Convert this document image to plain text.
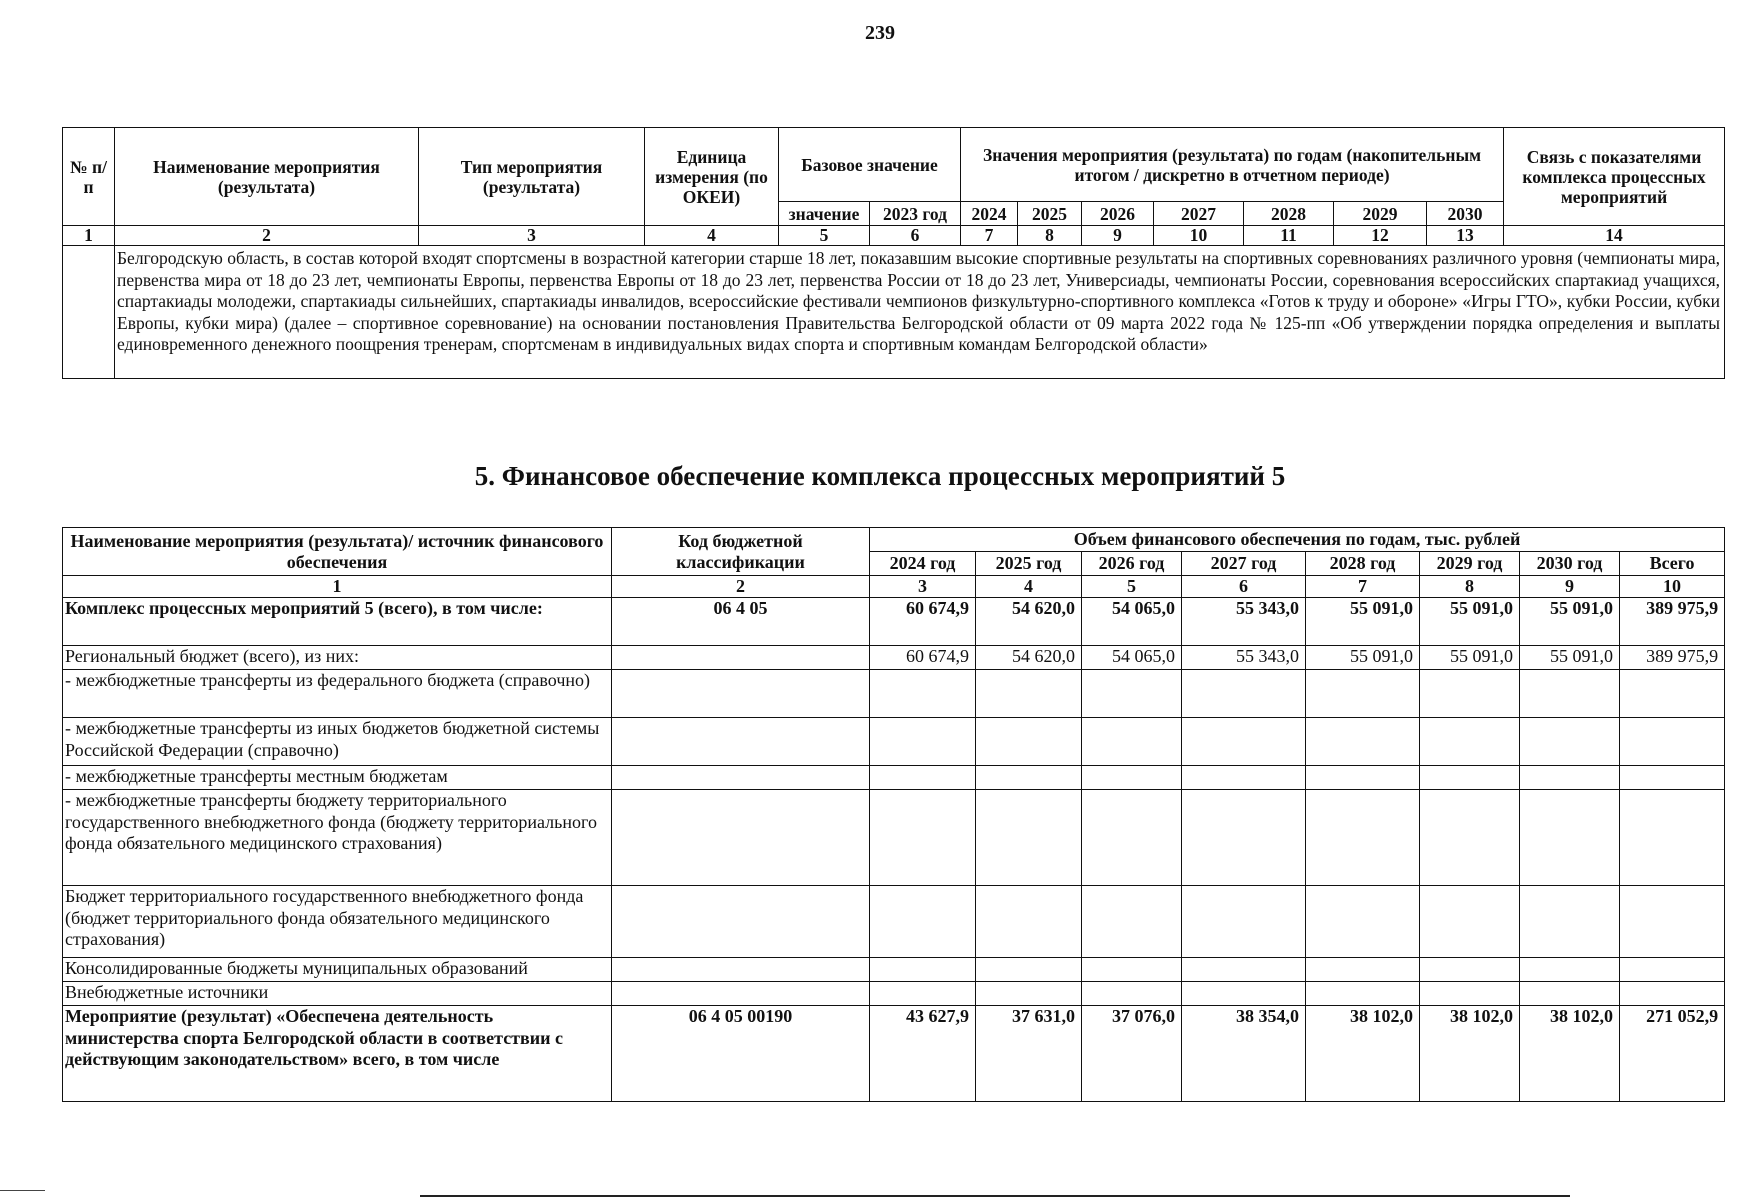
239
№ п/п	Наименование мероприятия (результата)	Тип мероприятия (результата)	Единица измерения (по ОКЕИ)	Базовое значение		Значения мероприятия (результата) по годам (накопительным итогом / дискретно в отчетном периоде)							Связь с показателями комплекса процессных мероприятий
				значение	2023 год	2024	2025	2026	2027	2028	2029	2030	
1	2	3	4	5	6	7	8	9	10	11	12	13	14
	Белгородскую область, в состав которой входят спортсмены в возрастной категории старше 18 лет, показавшим высокие спортивные результаты на спортивных соревнованиях различного уровня (чемпионаты мира, первенства мира от 18 до 23 лет, чемпионаты Европы, первенства Европы от 18 до 23 лет, первенства России от 18 до 23 лет, Универсиады, чемпионаты России, соревнования всероссийских спартакиад учащихся, спартакиады молодежи, спартакиады сильнейших, спартакиады инвалидов, всероссийские фестивали чемпионов физкультурно-спортивного комплекса «Готов к труду и обороне» «Игры ГТО», кубки России, кубки Европы, кубки мира) (далее – спортивное соревнование) на основании постановления Правительства Белгородской области от 09 марта 2022 года № 125-пп «Об утверждении порядка определения и выплаты единовременного денежного поощрения тренерам, спортсменам в индивидуальных видах спорта и спортивным командам Белгородской области»												
5. Финансовое обеспечение комплекса процессных мероприятий 5
Наименование мероприятия (результата)/ источник финансового обеспечения	Код бюджетной классификации	Объем финансового обеспечения по годам, тыс. рублей							
		2024 год	2025 год	2026 год	2027 год	2028 год	2029 год	2030 год	Всего
1	2	3	4	5	6	7	8	9	10
Комплекс процессных мероприятий 5 (всего), в том числе:	06 4 05	60 674,9	54 620,0	54 065,0	55 343,0	55 091,0	55 091,0	55 091,0	389 975,9
Региональный бюджет (всего), из них:		60 674,9	54 620,0	54 065,0	55 343,0	55 091,0	55 091,0	55 091,0	389 975,9
- межбюджетные трансферты из федерального бюджета (справочно)									
- межбюджетные трансферты из иных бюджетов бюджетной системы Российской Федерации (справочно)									
- межбюджетные трансферты местным бюджетам									
- межбюджетные трансферты бюджету территориального государственного внебюджетного фонда (бюджету территориального фонда обязательного медицинского страхования)									
Бюджет территориального государственного внебюджетного фонда (бюджет территориального фонда обязательного медицинского страхования)									
Консолидированные бюджеты муниципальных образований									
Внебюджетные источники									
Мероприятие (результат) «Обеспечена деятельность министерства спорта Белгородской области в соответствии с действующим законодательством» всего, в том числе	06 4 05 00190	43 627,9	37 631,0	37 076,0	38 354,0	38 102,0	38 102,0	38 102,0	271 052,9
